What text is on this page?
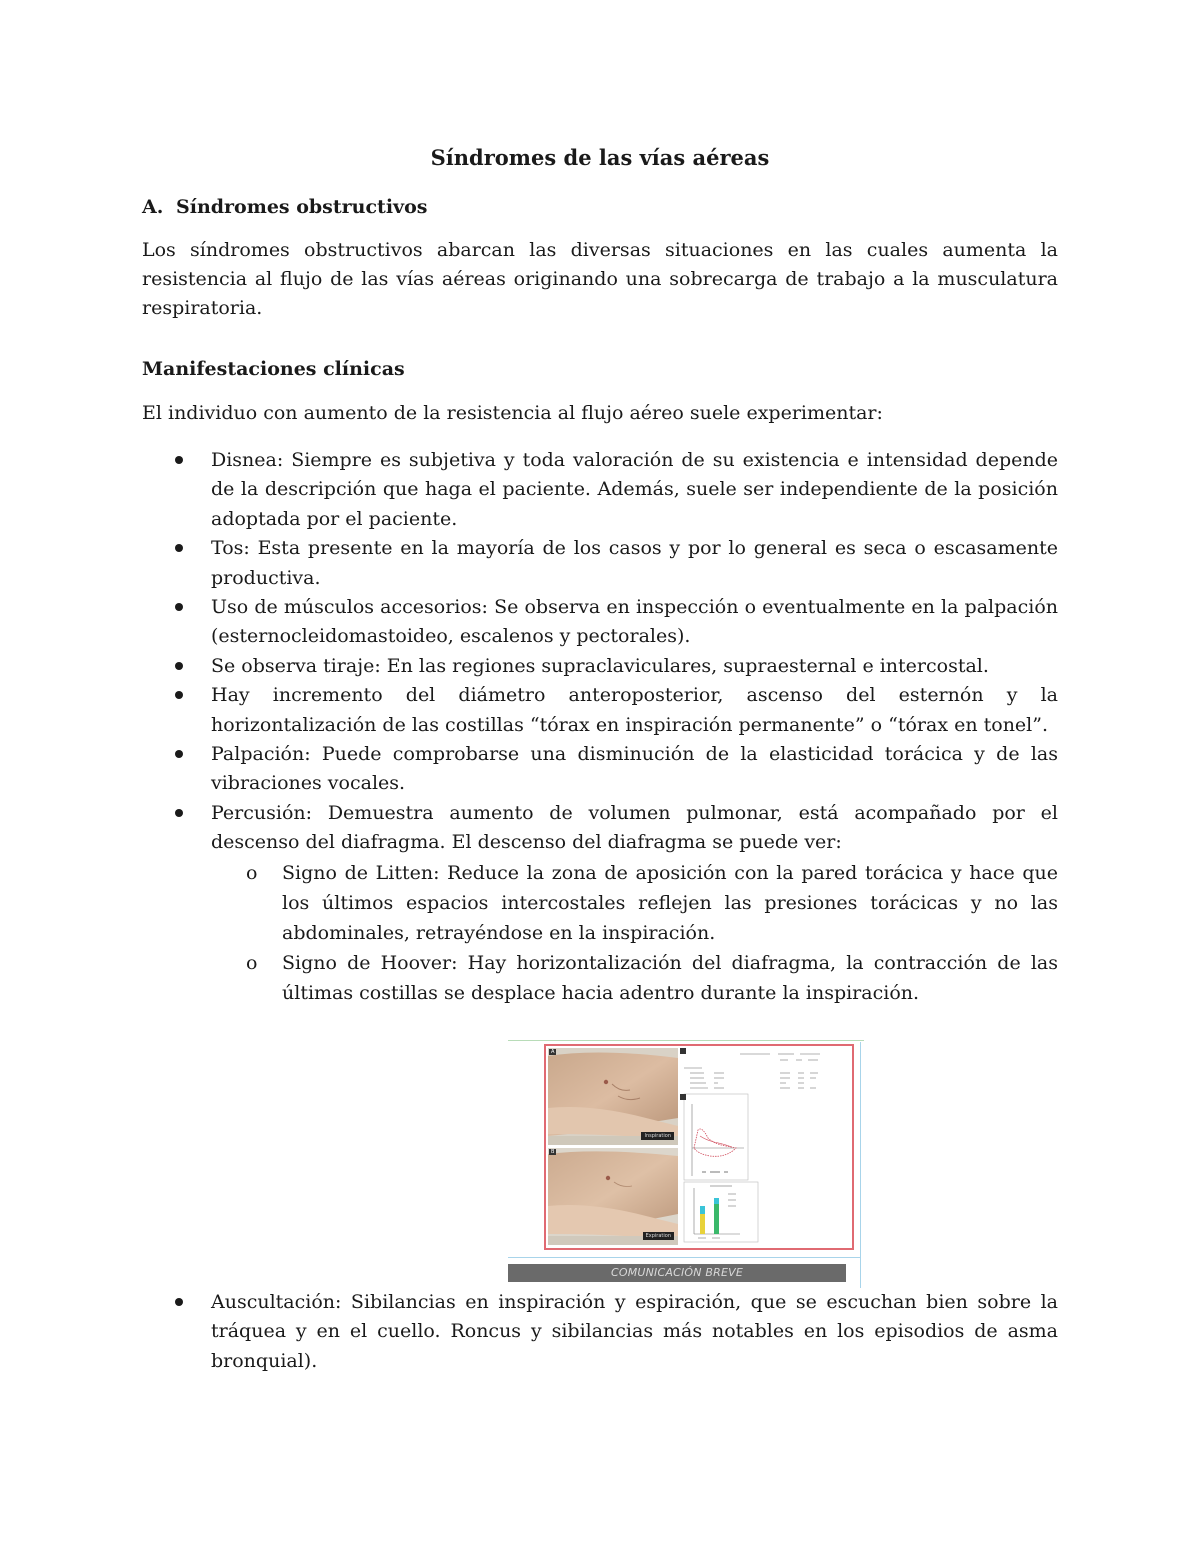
Síndromes de las vías aéreas
A. Síndromes obstructivos
Los síndromes obstructivos abarcan las diversas situaciones en las cuales aumenta la resistencia al flujo de las vías aéreas originando una sobrecarga de trabajo a la musculatura respiratoria.
Manifestaciones clínicas
El individuo con aumento de la resistencia al flujo aéreo suele experimentar:
Disnea: Siempre es subjetiva y toda valoración de su existencia e intensidad depende de la descripción que haga el paciente. Además, suele ser independiente de la posición adoptada por el paciente.
Tos: Esta presente en la mayoría de los casos y por lo general es seca o escasamente productiva.
Uso de músculos accesorios: Se observa en inspección o eventualmente en la palpación (esternocleidomastoideo, escalenos y pectorales).
Se observa tiraje: En las regiones supraclaviculares, supraesternal e intercostal.
Hay incremento del diámetro anteroposterior, ascenso del esternón y la horizontalización de las costillas “tórax en inspiración permanente” o “tórax en tonel”.
Palpación: Puede comprobarse una disminución de la elasticidad torácica y de las vibraciones vocales.
Percusión: Demuestra aumento de volumen pulmonar, está acompañado por el descenso del diafragma. El descenso del diafragma se puede ver:
o Signo de Litten: Reduce la zona de aposición con la pared torácica y hace que los últimos espacios intercostales reflejen las presiones torácicas y no las abdominales, retrayéndose en la inspiración.
o Signo de Hoover: Hay horizontalización del diafragma, la contracción de las últimas costillas se desplace hacia adentro durante la inspiración.
A
Inspiration
B
Expiration
COMUNICACIÓN BREVE
Auscultación: Sibilancias en inspiración y espiración, que se escuchan bien sobre la tráquea y en el cuello. Roncus y sibilancias más notables en los episodios de asma bronquial).
